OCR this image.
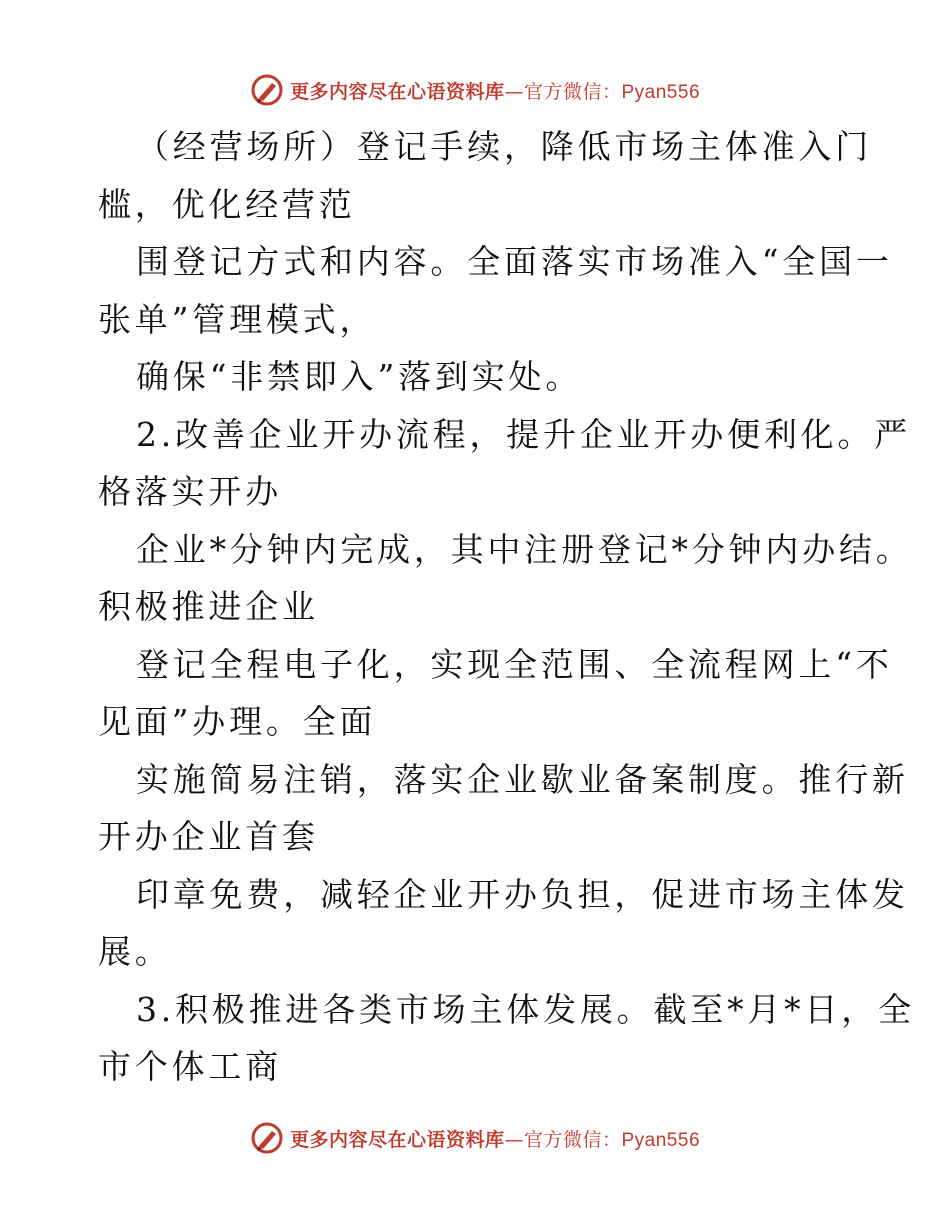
更多内容尽在心语资料库—官方微信：Pyan556
（经营场所）登记手续，降低市场主体准入门
槛，优化经营范
围登记方式和内容。全面落实市场准入“全国一
张单”管理模式，
确保“非禁即入”落到实处。
2.改善企业开办流程，提升企业开办便利化。严
格落实开办
企业*分钟内完成，其中注册登记*分钟内办结。
积极推进企业
登记全程电子化，实现全范围、全流程网上“不
见面”办理。全面
实施简易注销，落实企业歇业备案制度。推行新
开办企业首套
印章免费，减轻企业开办负担，促进市场主体发
展。
3.积极推进各类市场主体发展。截至*月*日，全
市个体工商
更多内容尽在心语资料库—官方微信：Pyan556
